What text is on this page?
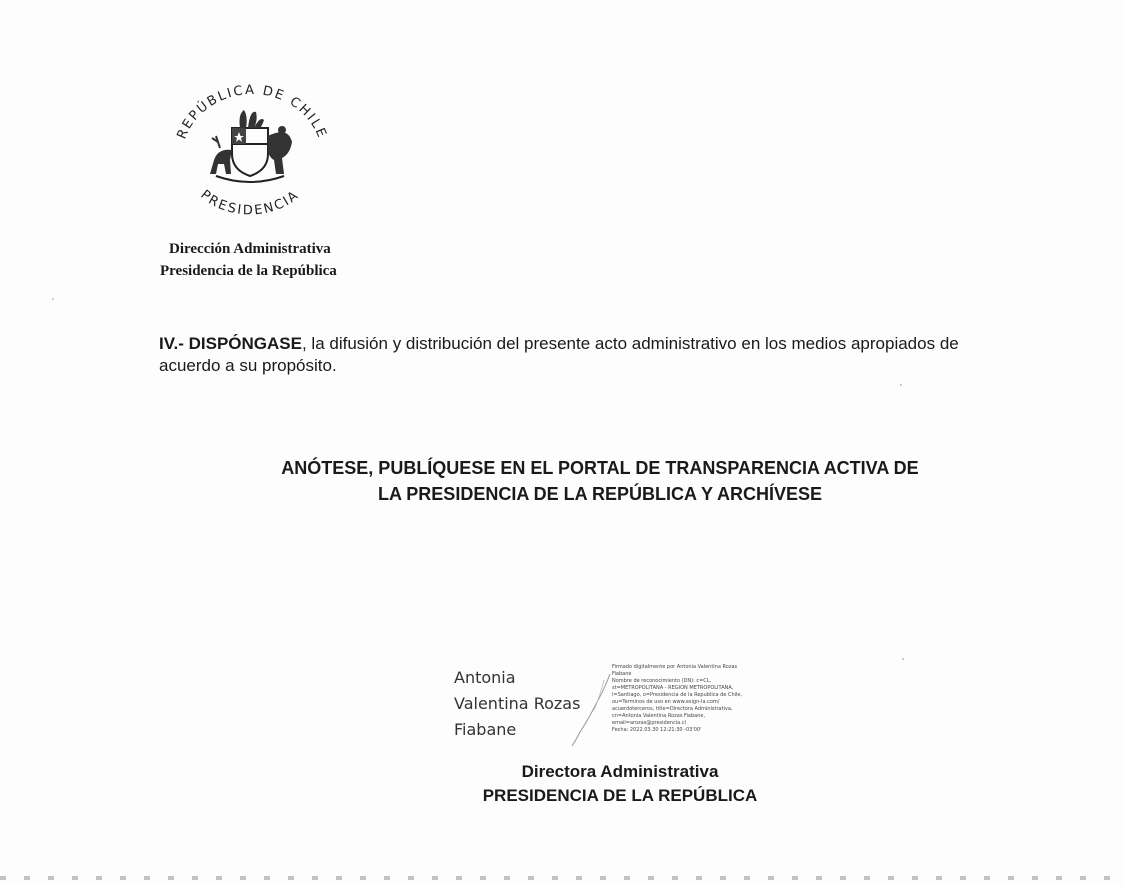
REPÚBLICA DE CHILE
PRESIDENCIA
Dirección Administrativa
Presidencia de la República
IV.- DISPÓNGASE, la difusión y distribución del presente acto administrativo en los medios apropiados de acuerdo a su propósito.
ANÓTESE, PUBLÍQUESE EN EL PORTAL DE TRANSPARENCIA ACTIVA DE
LA PRESIDENCIA DE LA REPÚBLICA Y ARCHÍVESE
Antonia
Valentina Rozas
Fiabane
Firmado digitalmente por Antonia Valentina Rozas
Fiabane
Nombre de reconocimiento (DN): c=CL,
st=METROPOLITANA - REGION METROPOLITANA,
l=Santiago, o=Presidencia de la Republica de Chile,
ou=Terminos de uso en www.esign-la.com/
acuerdoterceros, title=Directora Administrativa,
cn=Antonia Valentina Rozas Fiabane,
email=arozas@presidencia.cl
Fecha: 2022.03.30 12:21:30 -03'00'
Directora Administrativa
PRESIDENCIA DE LA REPÚBLICA
